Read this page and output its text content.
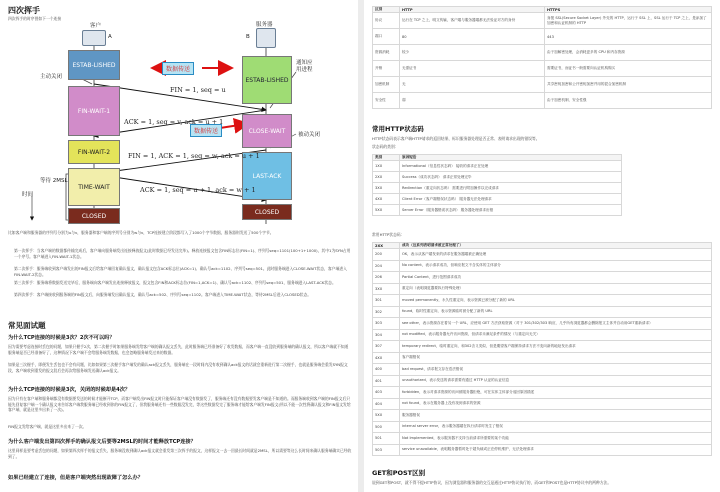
四次挥手
四次挥手的时序图如下一个连接
客户	服务器
A	B
ESTAB-LISHED
FIN-WAIT-1
FIN-WAIT-2
TIME-WAIT
CLOSED
ESTAB-LISHED
CLOSE-WAIT
LAST-ACK
CLOSED
主动关闭
通知应用进程
被动关闭
等待 2MSL
时间
数据传送
数据传送
FIN = 1, seq = u
ACK = 1, seq = v, ack = u + 1
FIN = 1, ACK = 1, seq = w, ack = u + 1
ACK = 1, seq = u + 1, ack = w + 1
比如客户端和服务器的序列号分别为u与v，服务器和客户端的序列号分别为w与v，TCP连接建立阶段都写入了1000个字节数据，服务器则发送了500个字节。
第一次挥手：当客户端的数据都传输完成后，客户端向服务端发出连接释放报文(此时数据已经发送完毕)。释放连接报文包含FIN标志位(FIN=1)、序列号seq=1101(100+1+1000)，其中1为SYN占用一个序号。客户端进入FIN-WAIT-1状态。
第二次挥手：服务端收到客户端发出的FIN报文后给客户端回复确认报文，确认报文包含ACK标志位(ACK=1)、确认号ack=1102、序列号seq=501。此时服务端进入CLOSE-WAIT状态，客户端进入FIN-WAIT-2状态。
第三次挥手：服务端将数据发送完毕后，服务端向客户端发出连接释放报文，报文包含FIN和ACK标志位(FIN=1,ACK=1)、确认号ack=1102、序列号seq=501，服务端进入LAST-ACK状态。
第四次挥手：客户端接收到服务端的FIN报文后，向服务端发出确认报文，确认号ack=502、序列号seq=1102。客户端进入TIME-WAIT状态，等待2MSL后进入CLOSED状态。
常见面试题
为什么TCP连接的时候是3次？2次不可以吗？
因为需要考虑连接时丢包的问题，如果只握手2次，第二次握手时如果服务端发给客户端的确认报文丢失，此时服务端已经准备好了收发数据，而客户端一直没收到服务端的确认报文，所以客户端就不知道服务端是否已经准备好了，这种情况下客户端不会给服务端发数据，也会忽略服务端发过来的数据。
如果是三次握手，即便发生丢包也不会有问题，比如如果第三次握手客户端发的确认ack报文丢失，服务端在一段时间内没有收到确认ack报文的话就会重新进行第二次握手，也就是服务端会重发SYN报文段，客户端收到重发的报文段后会再次给服务端发送确认ack报文。
为什么TCP连接的时候是3次，关闭的时候却是4次？
因为只有在客户端和服务端都没有数据要发送的时候才能断开TCP。而客户端发出FIN报文时只能保证客户端没有数据发了，服务端还有没有数据要发客户端是不知道的。而服务端收到客户端的FIN报文后只能先回复客户端一个确认报文来告诉客户端我服务端已经收到你的FIN报文了，但我服务端还有一些数据没发完，等这些数据发完了服务端才能给客户端发FIN报文(所以不能一次性将确认报文和FIN报文发给客户端，就是这里多出来了一次)。
FIN报文发给客户端，就是这里多出来了一次。
为什么客户端发出第四次挥手的确认报文后要等2MSL的时间才能释放TCP连接？
这里同样是要考虑丢包的问题，如果第四次挥手的报文丢失，服务端没收到确认ack报文就会重发第三次挥手的报文，这样报文一去一回最长时间就是2MSL，所以需要等这么长时间来确认服务端确实已经收到了。
如果已经建立了连接，但是客户端突然出现故障了怎么办？
区别	HTTP	HTTPS
协议	运行在 TCP 之上，明文传输，客户端与服务器端都无法验证对方的身份	身披 SSL(Secure Socket Layer) 外壳的 HTTP，运行于 SSL 上，SSL 运行于 TCP 之上，是添加了加密和认证机制的 HTTP
端口	80	443
资源消耗	较少	由于加解密处理，会消耗更多的 CPU 和内存资源
开销	无需证书	需要证书，而证书一般需要向认证机构购买
加密机制	无	共享密钥加密和公开密钥加密并用的混合加密机制
安全性	弱	由于加密机制，安全性强
常用HTTP状态码
HTTP状态码表示客户端HTTP请求的返回结果、标识服务器处理是否正常、表明请求出现的错误等。
状态码的类别：
类别	原因短语
1XX	Informational（信息性状态码） 接收的请求正在处理
2XX	Success（成功状态码） 请求正常处理完毕
3XX	Redirection（重定向状态码） 需要进行附加操作以完成请求
4XX	Client Error（客户端错误状态码） 服务器无法处理请求
5XX	Server Error（服务器错误状态码） 服务器处理请求出错
常用HTTP状态码：
2XX	成功（这系列表明请求被正常处理了）
200	OK，表示从客户端发来的请求在服务器端被正确处理
204	No content，表示请求成功，但响应报文不含实体的主体部分
206	Partial Content，进行范围请求成功
3XX	重定向（表明浏览器要执行特殊处理）
301	moved permanently，永久性重定向，表示资源已被分配了新的 URL
302	found，临时性重定向，表示资源临时被分配了新的 URL
303	see other，表示资源存在着另一个 URL，应使用 GET 方法获取资源（对于 301/302/303 响应，几乎所有浏览器都会删除报文主体并自动用GET重新请求）
304	not modified，表示服务器允许访问资源，但请求未满足条件的情况（与重定向无关）
307	temporary redirect，临时重定向，和302含义类似，但是期望客户端保持请求方法不变向新的地址发出请求
4XX	客户端错误
400	bad request，请求报文存在语法错误
401	unauthorized，表示发送的请求需要有通过 HTTP 认证的认证信息
403	forbidden，表示对请求资源的访问被服务器拒绝，可在实体主体部分返回原因描述
404	not found，表示在服务器上没有找到请求的资源
5XX	服务器错误
500	internal server error，表示服务器端在执行请求时发生了错误
501	Not Implemented，表示服务器不支持当前请求所需要的某个功能
503	service unavailable，表明服务器暂时处于超负载或正在停机维护，无法处理请求
GET和POST区别
说到GET和POST，就不得不提HTTP协议，因为浏览器和服务器的交互是通过HTTP协议执行的，而GET和POST也是HTTP协议中的两种方法。
